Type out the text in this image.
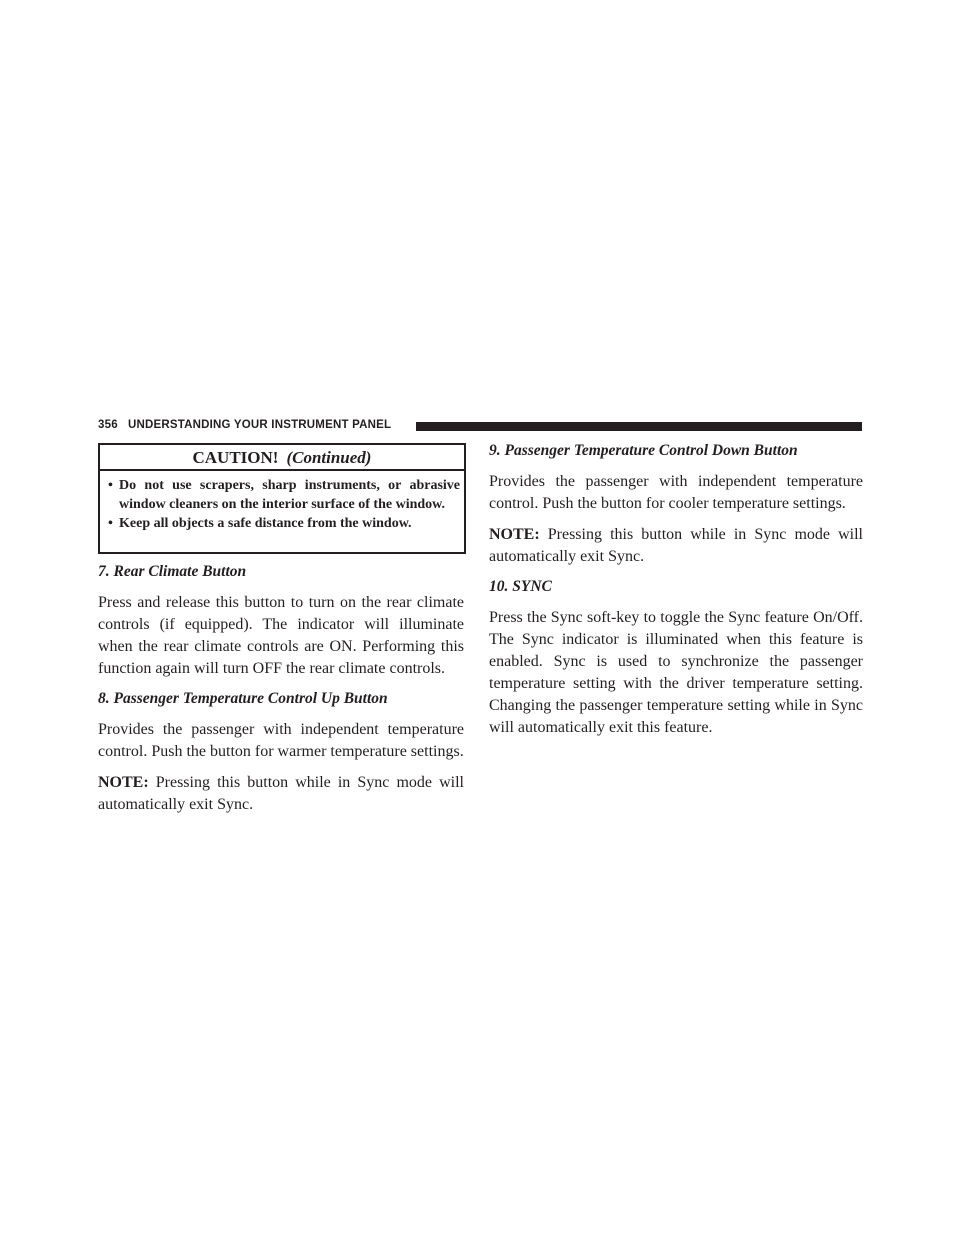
356 UNDERSTANDING YOUR INSTRUMENT PANEL
CAUTION! (Continued)
• Do not use scrapers, sharp instruments, or abrasive window cleaners on the interior surface of the window.
• Keep all objects a safe distance from the window.

7. Rear Climate Button

Press and release this button to turn on the rear climate controls (if equipped). The indicator will illuminate when the rear climate controls are ON. Performing this function again will turn OFF the rear climate controls.

8. Passenger Temperature Control Up Button

Provides the passenger with independent temperature control. Push the button for warmer temperature settings.

NOTE: Pressing this button while in Sync mode will automatically exit Sync.

9. Passenger Temperature Control Down Button

Provides the passenger with independent temperature control. Push the button for cooler temperature settings.

NOTE: Pressing this button while in Sync mode will automatically exit Sync.

10. SYNC

Press the Sync soft-key to toggle the Sync feature On/Off. The Sync indicator is illuminated when this feature is enabled. Sync is used to synchronize the passenger temperature setting with the driver temperature setting. Changing the passenger temperature setting while in Sync will automatically exit this feature.
